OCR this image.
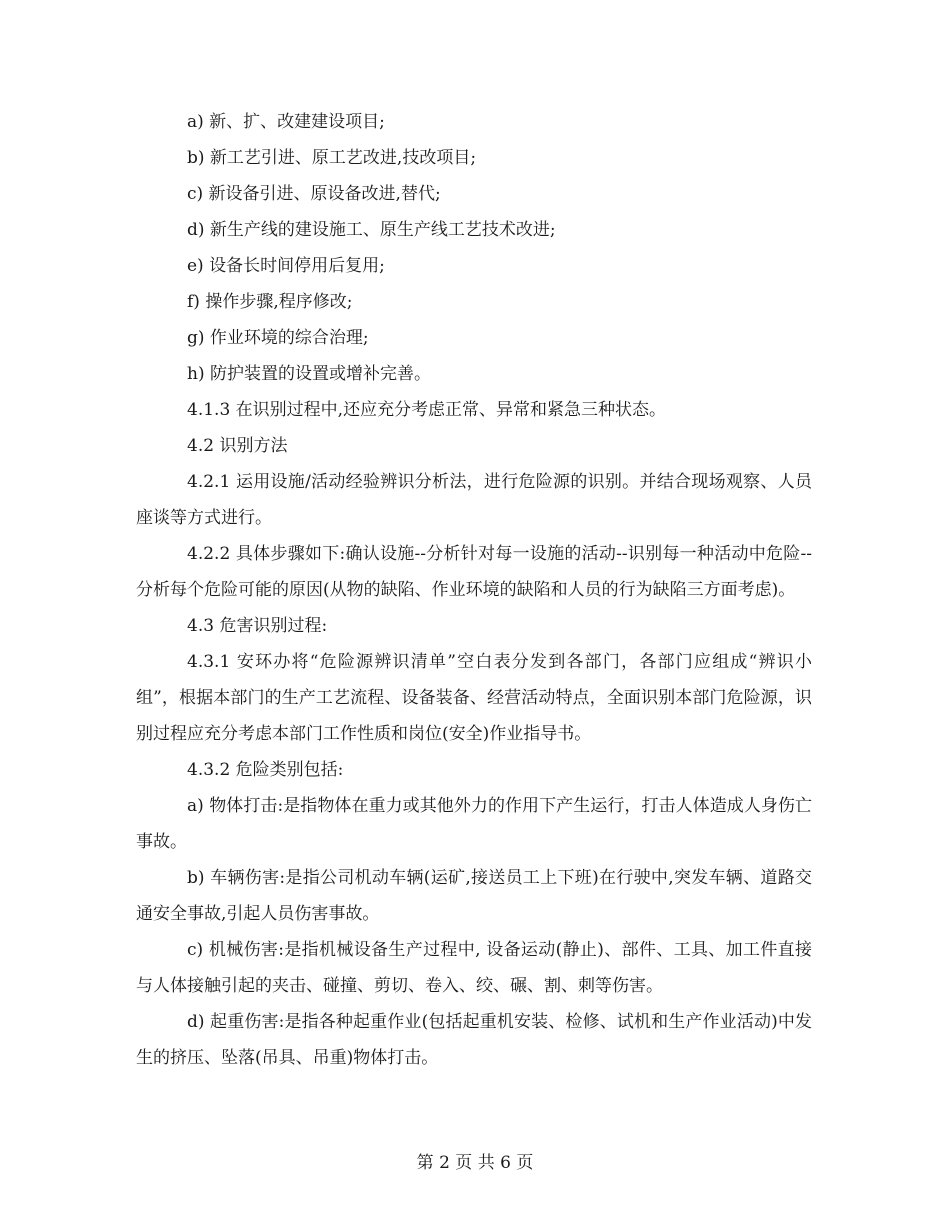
a) 新、扩、改建建设项目;

b) 新工艺引进、原工艺改进,技改项目;

c) 新设备引进、原设备改进,替代;

d) 新生产线的建设施工、原生产线工艺技术改进;

e) 设备长时间停用后复用;

f) 操作步骤,程序修改;

g) 作业环境的综合治理;

h) 防护装置的设置或增补完善。

4.1.3 在识别过程中,还应充分考虑正常、异常和紧急三种状态。

4.2 识别方法

4.2.1 运用设施/活动经验辨识分析法，进行危险源的识别。并结合现场观察、人员座谈等方式进行。

4.2.2 具体步骤如下:确认设施--分析针对每一设施的活动--识别每一种活动中危险--分析每个危险可能的原因(从物的缺陷、作业环境的缺陷和人员的行为缺陷三方面考虑)。

4.3 危害识别过程:

4.3.1 安环办将“危险源辨识清单”空白表分发到各部门，各部门应组成“辨识小组”，根据本部门的生产工艺流程、设备装备、经营活动特点，全面识别本部门危险源，识别过程应充分考虑本部门工作性质和岗位(安全)作业指导书。

4.3.2 危险类别包括:

a) 物体打击:是指物体在重力或其他外力的作用下产生运行，打击人体造成人身伤亡事故。

b) 车辆伤害:是指公司机动车辆(运矿,接送员工上下班)在行驶中,突发车辆、道路交通安全事故,引起人员伤害事故。

c) 机械伤害:是指机械设备生产过程中, 设备运动(静止)、部件、工具、加工件直接与人体接触引起的夹击、碰撞、剪切、卷入、绞、碾、割、刺等伤害。

d) 起重伤害:是指各种起重作业(包括起重机安装、检修、试机和生产作业活动)中发生的挤压、坠落(吊具、吊重)物体打击。

第 2 页 共 6 页
